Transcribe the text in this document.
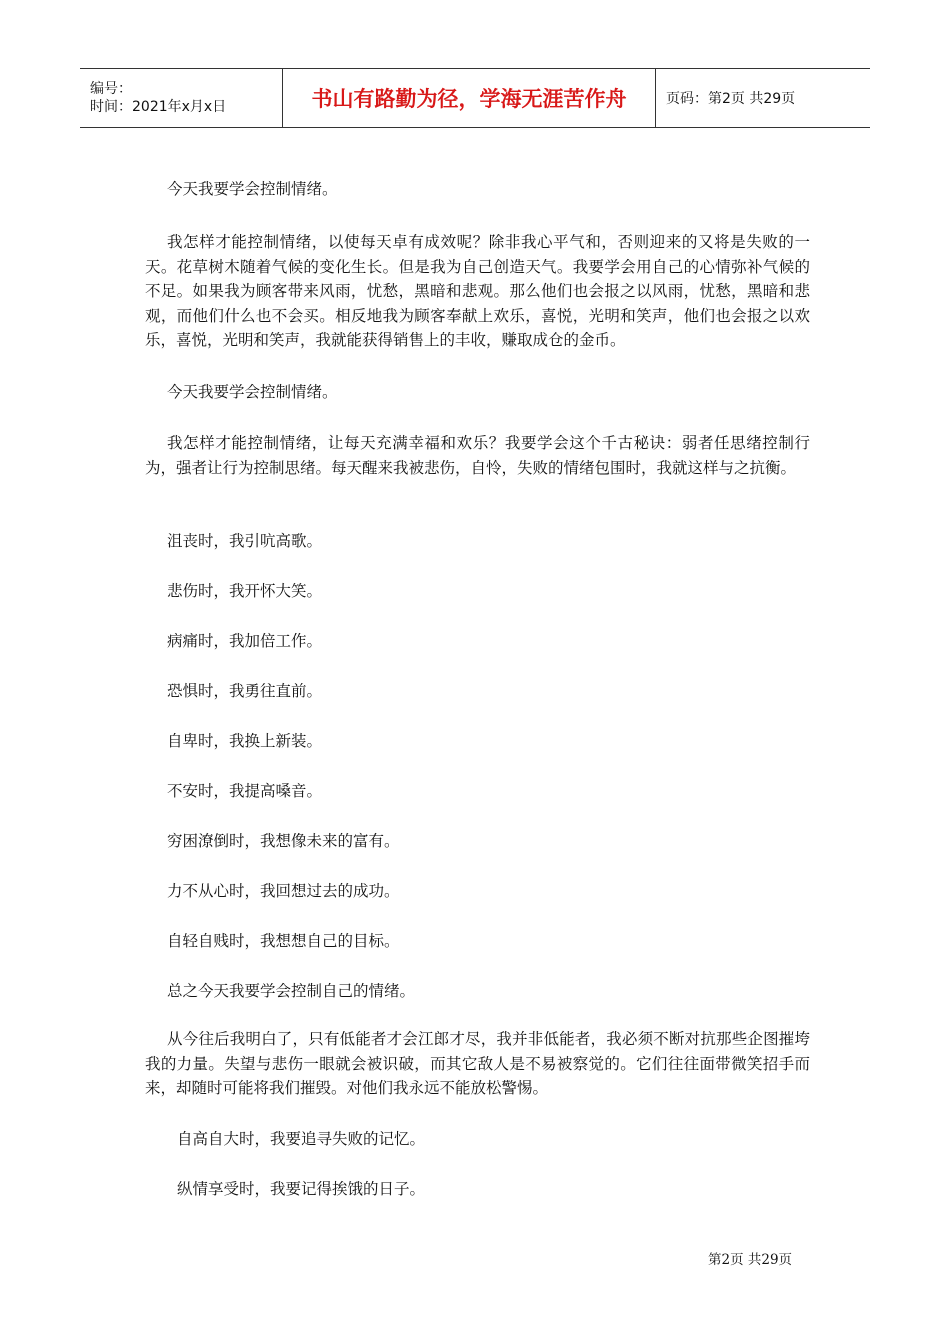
编号：
时间：2021年x月x日	书山有路勤为径，学海无涯苦作舟	页码：第2页 共29页

今天我要学会控制情绪。

我怎样才能控制情绪，以使每天卓有成效呢？除非我心平气和，否则迎来的又将是失败的一天。花草树木随着气候的变化生长。但是我为自己创造天气。我要学会用自己的心情弥补气候的不足。如果我为顾客带来风雨，忧愁，黑暗和悲观。那么他们也会报之以风雨，忧愁，黑暗和悲观，而他们什么也不会买。相反地我为顾客奉献上欢乐，喜悦，光明和笑声，他们也会报之以欢乐，喜悦，光明和笑声，我就能获得销售上的丰收，赚取成仓的金币。

今天我要学会控制情绪。

我怎样才能控制情绪，让每天充满幸福和欢乐？我要学会这个千古秘诀：弱者任思绪控制行为，强者让行为控制思绪。每天醒来我被悲伤，自怜，失败的情绪包围时，我就这样与之抗衡。

沮丧时，我引吭高歌。

悲伤时，我开怀大笑。

病痛时，我加倍工作。

恐惧时，我勇往直前。

自卑时，我换上新装。

不安时，我提高嗓音。

穷困潦倒时，我想像未来的富有。

力不从心时，我回想过去的成功。

自轻自贱时，我想想自己的目标。

总之今天我要学会控制自己的情绪。

从今往后我明白了，只有低能者才会江郎才尽，我并非低能者，我必须不断对抗那些企图摧垮我的力量。失望与悲伤一眼就会被识破，而其它敌人是不易被察觉的。它们往往面带微笑招手而来，却随时可能将我们摧毁。对他们我永远不能放松警惕。

自高自大时，我要追寻失败的记忆。

纵情享受时，我要记得挨饿的日子。

第2页 共29页
